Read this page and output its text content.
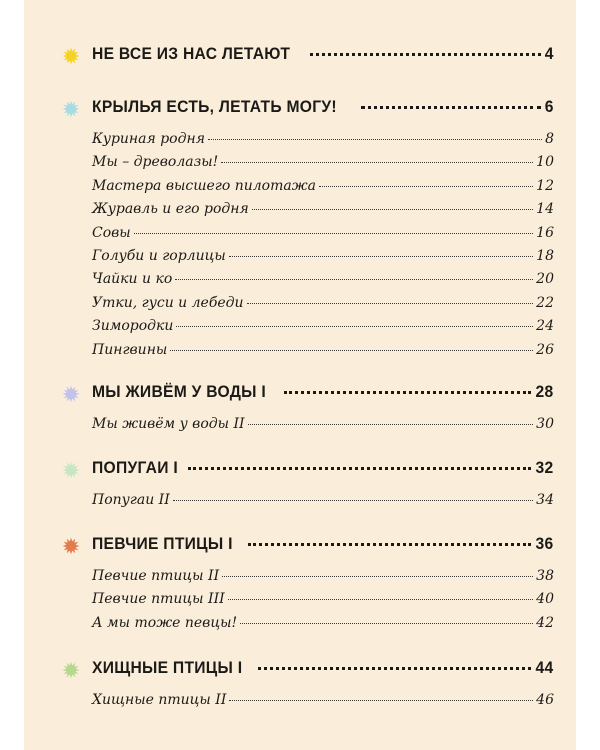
НЕ ВСЕ ИЗ НАС ЛЕТАЮТ	4
КРЫЛЬЯ ЕСТЬ, ЛЕТАТЬ МОГУ!	6
Куриная родня	8
Мы – древолазы!	10
Мастера высшего пилотажа	12
Журавль и его родня	14
Совы	16
Голуби и горлицы	18
Чайки и ко	20
Утки, гуси и лебеди	22
Зимородки	24
Пингвины	26
МЫ ЖИВЁМ У ВОДЫ I	28
Мы живём у воды II	30
ПОПУГАИ I	32
Попугаи II	34
ПЕВЧИЕ ПТИЦЫ I	36
Певчие птицы II	38
Певчие птицы III	40
А мы тоже певцы!	42
ХИЩНЫЕ ПТИЦЫ I	44
Хищные птицы II	46
